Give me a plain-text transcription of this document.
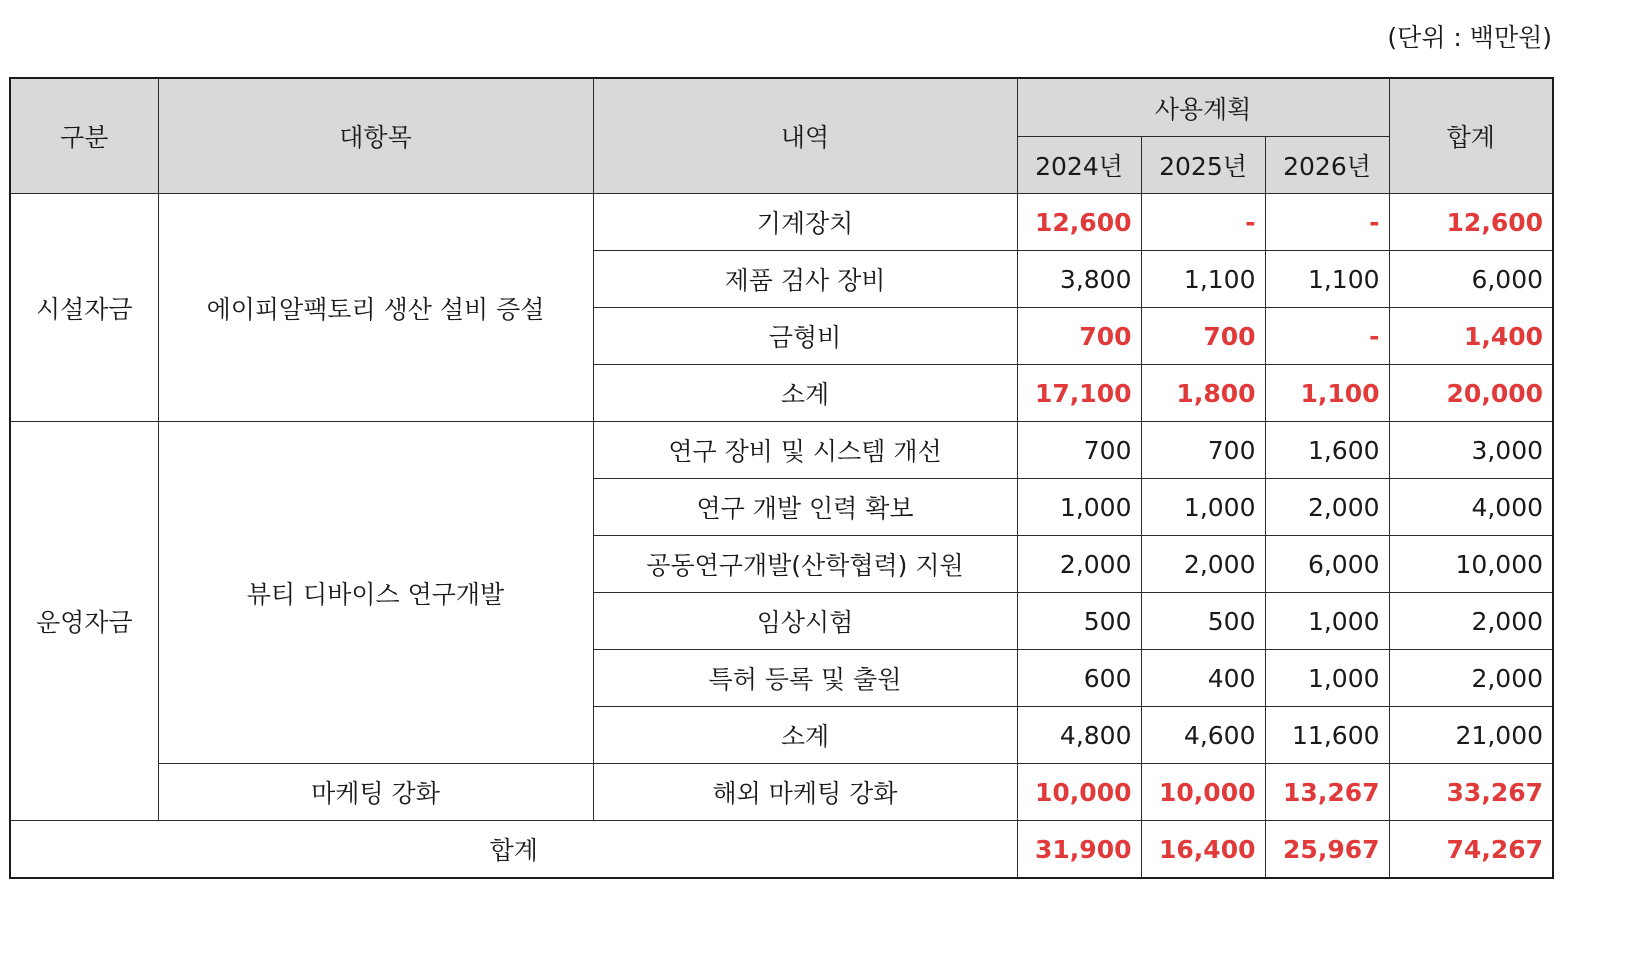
(단위 : 백만원)
구분	대항목	내역	사용계획			합계
			2024년	2025년	2026년	
시설자금	에이피알팩토리 생산 설비 증설	기계장치	12,600	-	-	12,600
		제품 검사 장비	3,800	1,100	1,100	6,000
		금형비	700	700	-	1,400
		소계	17,100	1,800	1,100	20,000
운영자금	뷰티 디바이스 연구개발	연구 장비 및 시스템 개선	700	700	1,600	3,000
		연구 개발 인력 확보	1,000	1,000	2,000	4,000
		공동연구개발(산학협력) 지원	2,000	2,000	6,000	10,000
		임상시험	500	500	1,000	2,000
		특허 등록 및 출원	600	400	1,000	2,000
		소계	4,800	4,600	11,600	21,000
	마케팅 강화	해외 마케팅 강화	10,000	10,000	13,267	33,267
합계			31,900	16,400	25,967	74,267
